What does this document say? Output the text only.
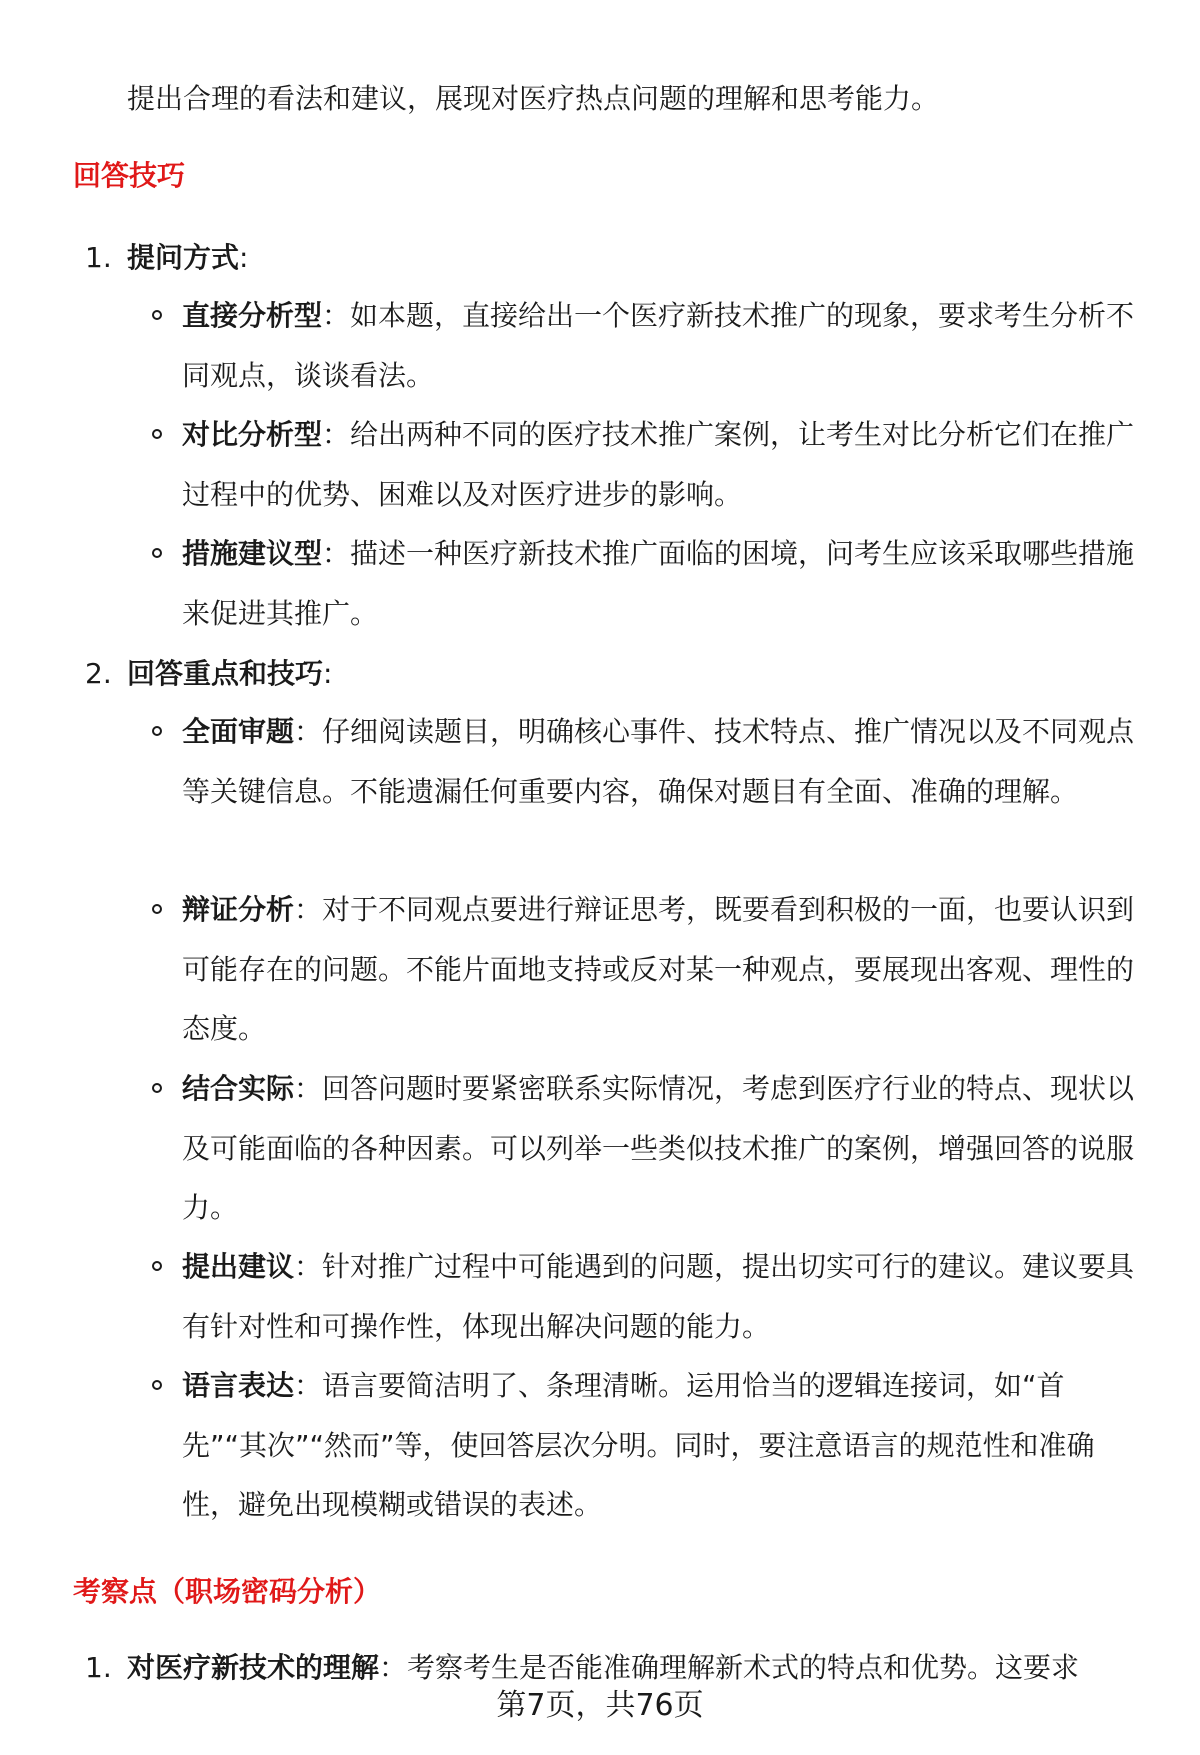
提出合理的看法和建议，展现对医疗热点问题的理解和思考能力。

回答技巧

1. 提问方式:

直接分析型：如本题，直接给出一个医疗新技术推广的现象，要求考生分析不同观点，谈谈看法。
对比分析型：给出两种不同的医疗技术推广案例，让考生对比分析它们在推广过程中的优势、困难以及对医疗进步的影响。
措施建议型：描述一种医疗新技术推广面临的困境，问考生应该采取哪些措施来促进其推广。

2. 回答重点和技巧:

全面审题：仔细阅读题目，明确核心事件、技术特点、推广情况以及不同观点等关键信息。不能遗漏任何重要内容，确保对题目有全面、准确的理解。
辩证分析：对于不同观点要进行辩证思考，既要看到积极的一面，也要认识到可能存在的问题。不能片面地支持或反对某一种观点，要展现出客观、理性的态度。
结合实际：回答问题时要紧密联系实际情况，考虑到医疗行业的特点、现状以及可能面临的各种因素。可以列举一些类似技术推广的案例，增强回答的说服力。
提出建议：针对推广过程中可能遇到的问题，提出切实可行的建议。建议要具有针对性和可操作性，体现出解决问题的能力。
语言表达：语言要简洁明了、条理清晰。运用恰当的逻辑连接词，如“首先”“其次”“然而”等，使回答层次分明。同时，要注意语言的规范性和准确性，避免出现模糊或错误的表述。
考察点（职场密码分析）

1. 对医疗新技术的理解：考察考生是否能准确理解新术式的特点和优势。这要求

第7页，共76页
